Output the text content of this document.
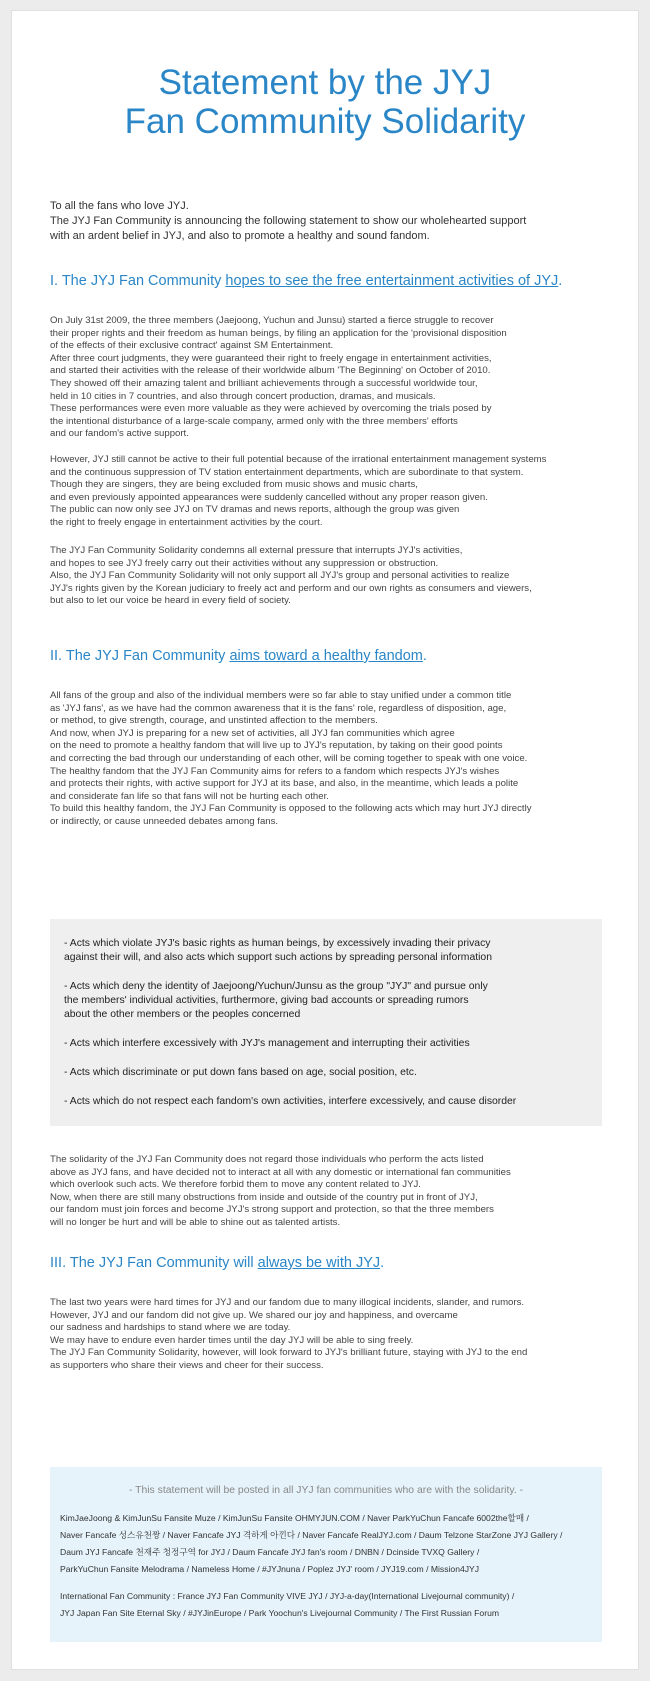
Statement by the JYJ
Fan Community Solidarity
To all the fans who love JYJ.
The JYJ Fan Community is announcing the following statement to show our wholehearted support
with an ardent belief in JYJ, and also to promote a healthy and sound fandom.
I. The JYJ Fan Community hopes to see the free entertainment activities of JYJ.
On July 31st 2009, the three members (Jaejoong, Yuchun and Junsu) started a fierce struggle to recover
their proper rights and their freedom as human beings, by filing an application for the 'provisional disposition
of the effects of their exclusive contract' against SM Entertainment.
After three court judgments, they were guaranteed their right to freely engage in entertainment activities,
and started their activities with the release of their worldwide album 'The Beginning' on October of 2010.
They showed off their amazing talent and brilliant achievements through a successful worldwide tour,
held in 10 cities in 7 countries, and also through concert production, dramas, and musicals.
These performances were even more valuable as they were achieved by overcoming the trials posed by
the intentional disturbance of a large-scale company, armed only with the three members' efforts
and our fandom's active support.
However, JYJ still cannot be active to their full potential because of the irrational entertainment management systems
and the continuous suppression of TV station entertainment departments, which are subordinate to that system.
Though they are singers, they are being excluded from music shows and music charts,
and even previously appointed appearances were suddenly cancelled without any proper reason given.
The public can now only see JYJ on TV dramas and news reports, although the group was given
the right to freely engage in entertainment activities by the court.
The JYJ Fan Community Solidarity condemns all external pressure that interrupts JYJ's activities,
and hopes to see JYJ freely carry out their activities without any suppression or obstruction.
Also, the JYJ Fan Community Solidarity will not only support all JYJ's group and personal activities to realize
JYJ's rights given by the Korean judiciary to freely act and perform and our own rights as consumers and viewers,
but also to let our voice be heard in every field of society.
II. The JYJ Fan Community aims toward a healthy fandom.
All fans of the group and also of the individual members were so far able to stay unified under a common title
as 'JYJ fans', as we have had the common awareness that it is the fans' role, regardless of disposition, age,
or method, to give strength, courage, and unstinted affection to the members.
And now, when JYJ is preparing for a new set of activities, all JYJ fan communities which agree
on the need to promote a healthy fandom that will live up to JYJ's reputation, by taking on their good points
and correcting the bad through our understanding of each other, will be coming together to speak with one voice.
The healthy fandom that the JYJ Fan Community aims for refers to a fandom which respects JYJ's wishes
and protects their rights, with active support for JYJ at its base, and also, in the meantime, which leads a polite
and considerate fan life so that fans will not be hurting each other.
To build this healthy fandom, the JYJ Fan Community is opposed to the following acts which may hurt JYJ directly
or indirectly, or cause unneeded debates among fans.
- Acts which violate JYJ's basic rights as human beings, by excessively invading their privacy
against their will, and also acts which support such actions by spreading personal information
- Acts which deny the identity of Jaejoong/Yuchun/Junsu as the group "JYJ" and pursue only
the members' individual activities, furthermore, giving bad accounts or spreading rumors
about the other members or the peoples concerned
- Acts which interfere excessively with JYJ's management and interrupting their activities
- Acts which discriminate or put down fans based on age, social position, etc.
- Acts which do not respect each fandom's own activities, interfere excessively, and cause disorder
The solidarity of the JYJ Fan Community does not regard those individuals who perform the acts listed
above as JYJ fans, and have decided not to interact at all with any domestic or international fan communities
which overlook such acts. We therefore forbid them to move any content related to JYJ.
Now, when there are still many obstructions from inside and outside of the country put in front of JYJ,
our fandom must join forces and become JYJ's strong support and protection, so that the three members
will no longer be hurt and will be able to shine out as talented artists.
III. The JYJ Fan Community will always be with JYJ.
The last two years were hard times for JYJ and our fandom due to many illogical incidents, slander, and rumors.
However, JYJ and our fandom did not give up. We shared our joy and happiness, and overcame
our sadness and hardships to stand where we are today.
We may have to endure even harder times until the day JYJ will be able to sing freely.
The JYJ Fan Community Solidarity, however, will look forward to JYJ's brilliant future, staying with JYJ to the end
as supporters who share their views and cheer for their success.
- This statement will be posted in all JYJ fan communities who are with the solidarity. -
KimJaeJoong & KimJunSu Fansite Muze / KimJunSu Fansite OHMYJUN.COM / Naver ParkYuChun Fancafe 6002the할매 /
Naver Fancafe 성스유천짱 / Naver Fancafe JYJ 격하게 아낀다 / Naver Fancafe RealJYJ.com / Daum Telzone StarZone JYJ Gallery /
Daum JYJ Fancafe 천재주 청정구역 for JYJ / Daum Fancafe JYJ fan's room / DNBN / Dcinside TVXQ Gallery /
ParkYuChun Fansite Melodrama / Nameless Home / #JYJnuna / Poplez JYJ' room / JYJ19.com / Mission4JYJ
International Fan Community : France JYJ Fan Community VIVE JYJ / JYJ-a-day(International Livejournal community) /
JYJ Japan Fan Site Eternal Sky / #JYJinEurope / Park Yoochun's Livejournal Community / The First Russian Forum
